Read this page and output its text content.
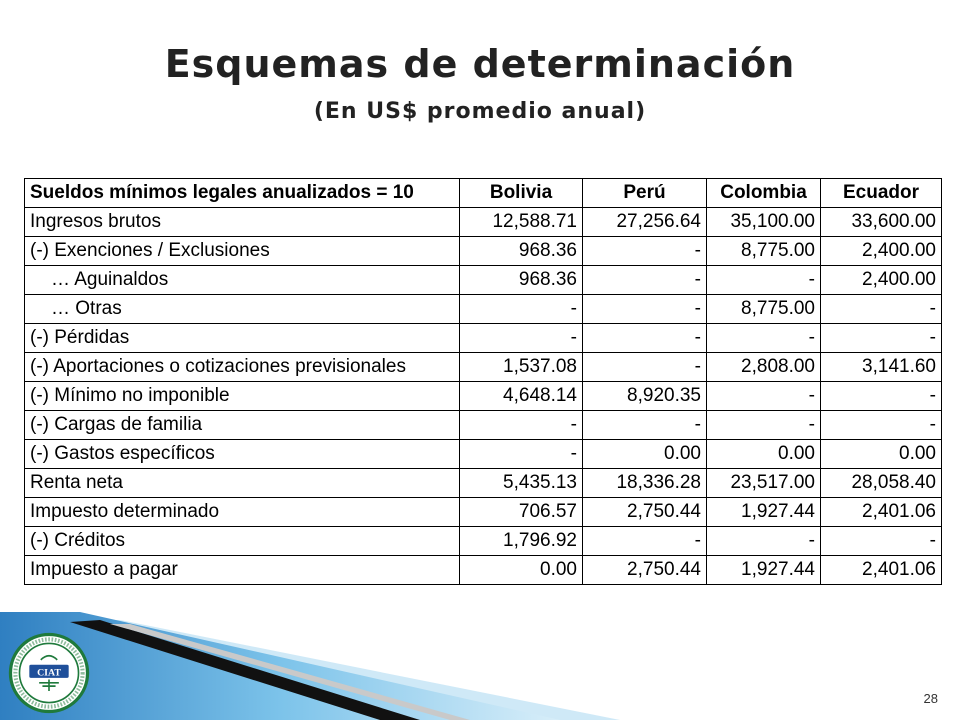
Esquemas de determinación
(En US$ promedio anual)
Sueldos mínimos legales anualizados = 10	Bolivia	Perú	Colombia	Ecuador
Ingresos brutos	12,588.71	27,256.64	35,100.00	33,600.00
(-) Exenciones / Exclusiones	968.36	-	8,775.00	2,400.00
… Aguinaldos	968.36	-	-	2,400.00
… Otras	-	-	8,775.00	-
(-) Pérdidas	-	-	-	-
(-) Aportaciones o cotizaciones previsionales	1,537.08	-	2,808.00	3,141.60
(-) Mínimo no imponible	4,648.14	8,920.35	-	-
(-) Cargas de familia	-	-	-	-
(-) Gastos específicos	-	0.00	0.00	0.00
Renta neta	5,435.13	18,336.28	23,517.00	28,058.40
Impuesto determinado	706.57	2,750.44	1,927.44	2,401.06
(-) Créditos	1,796.92	-	-	-
Impuesto a pagar	0.00	2,750.44	1,927.44	2,401.06
CIAT
28
